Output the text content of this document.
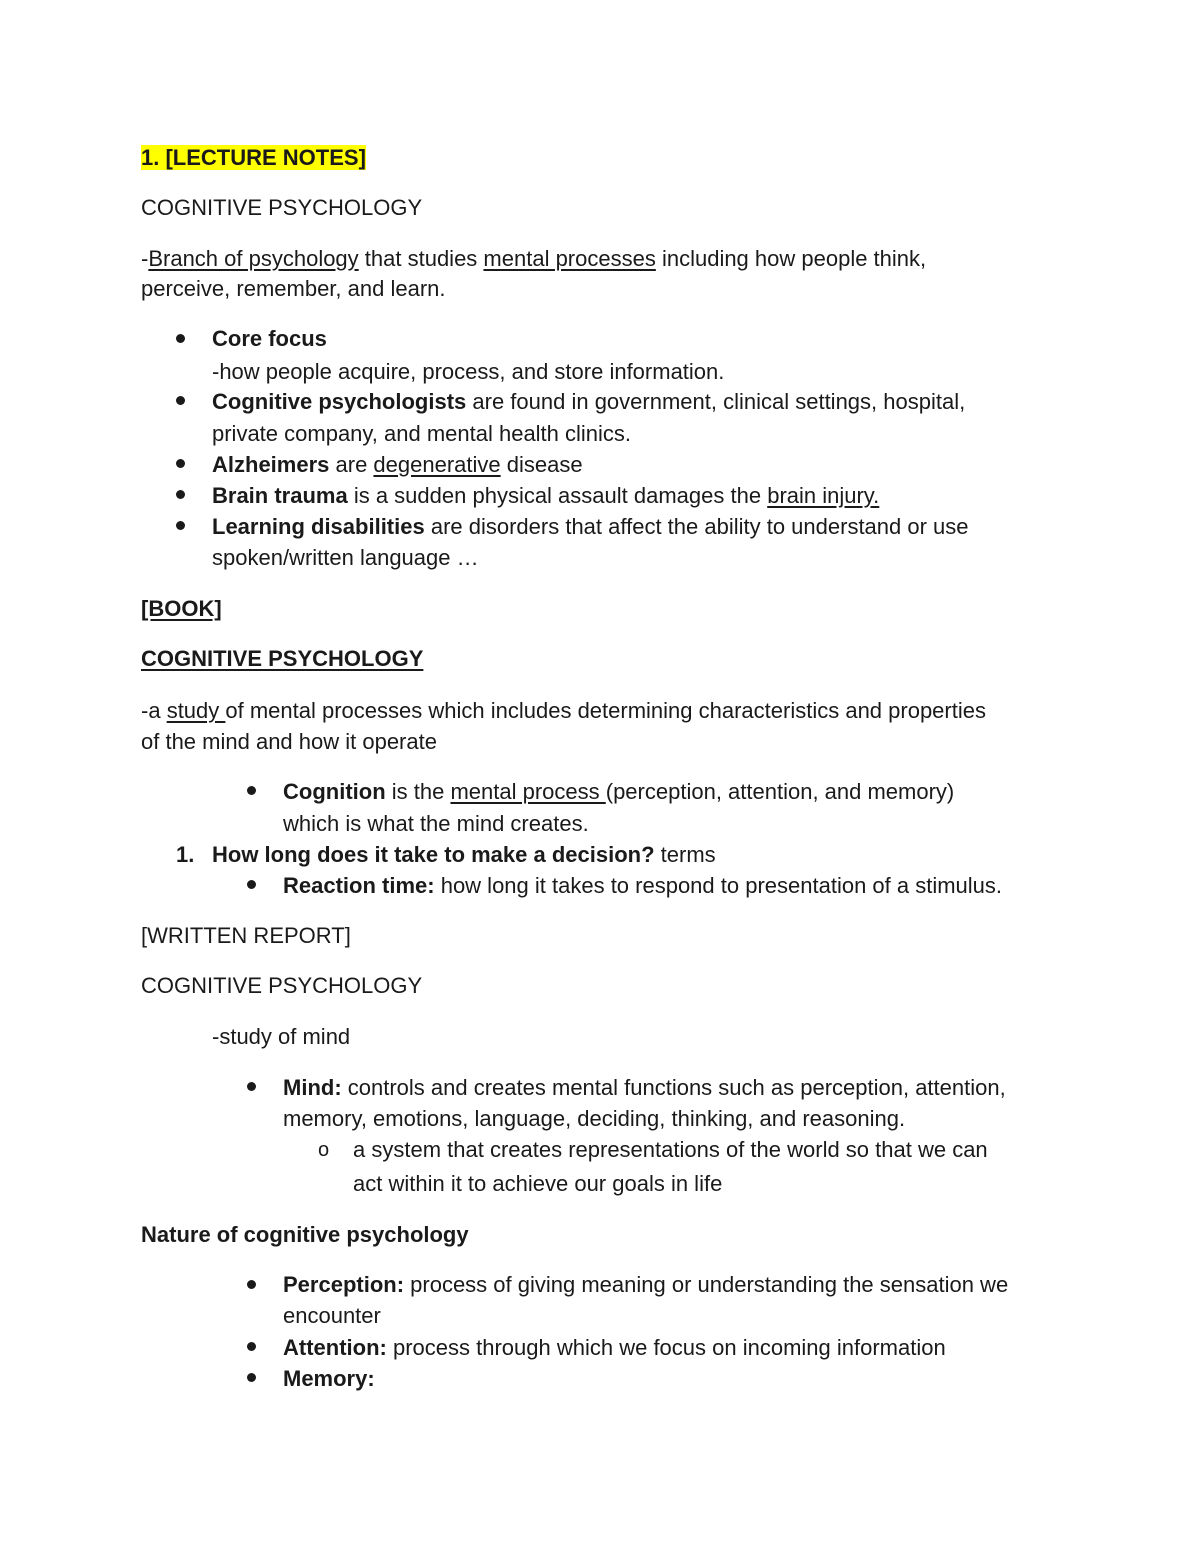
1. [LECTURE NOTES]
COGNITIVE PSYCHOLOGY
-Branch of psychology that studies mental processes including how people think,
perceive, remember, and learn.
Core focus
-how people acquire, process, and store information.
Cognitive psychologists are found in government, clinical settings, hospital,
private company, and mental health clinics.
Alzheimers are degenerative disease
Brain trauma is a sudden physical assault damages the brain injury.
Learning disabilities are disorders that affect the ability to understand or use
spoken/written language …
[BOOK]
COGNITIVE PSYCHOLOGY
-a study of mental processes which includes determining characteristics and properties
of the mind and how it operate
Cognition is the mental process (perception, attention, and memory)
which is what the mind creates.
1. How long does it take to make a decision? terms
Reaction time: how long it takes to respond to presentation of a stimulus.
[WRITTEN REPORT]
COGNITIVE PSYCHOLOGY
-study of mind
Mind: controls and creates mental functions such as perception, attention,
memory, emotions, language, deciding, thinking, and reasoning.
o a system that creates representations of the world so that we can
act within it to achieve our goals in life
Nature of cognitive psychology
Perception: process of giving meaning or understanding the sensation we
encounter
Attention: process through which we focus on incoming information
Memory:
